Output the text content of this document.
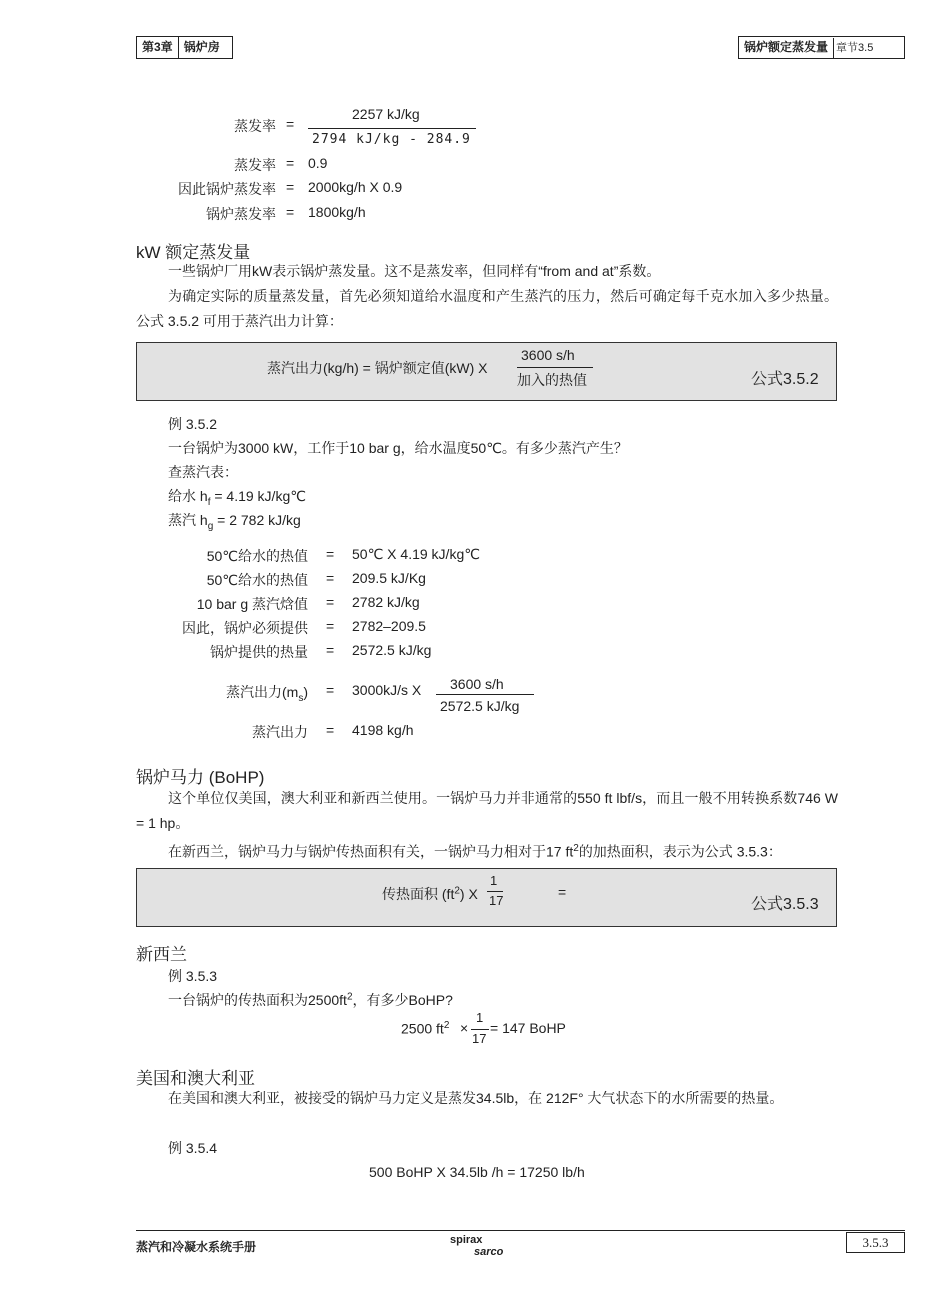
第3章 锅炉房	锅炉额定蒸发量 章节3.5
蒸发率 =
2257 kJ/kg
2794 kJ/kg - 284.9
蒸发率 = 0.9
因此锅炉蒸发率 = 2000kg/h X 0.9
锅炉蒸发率 = 1800kg/h
kW 额定蒸发量

一些锅炉厂用kW表示锅炉蒸发量。这不是蒸发率，但同样有“from and at”系数。

为确定实际的质量蒸发量，首先必须知道给水温度和产生蒸汽的压力，然后可确定每千克水加入多少热量。公式 3.5.2 可用于蒸汽出力计算：

蒸汽出力(kg/h) = 锅炉额定值(kW) X
3600 s/h
加入的热值	公式3.5.2
例 3.5.2
一台锅炉为3000 kW，工作于10 bar g，给水温度50℃。有多少蒸汽产生？
查蒸汽表：
给水 $h_f = 4.19$ kJ/kg℃
蒸汽 $h_g = 2$ 782 kJ/kg
50℃给水的热值 = 50℃ X 4.19 kJ/kg℃
50℃给水的热值 = 209.5 kJ/Kg
10 bar g 蒸汽焓值 = 2782 kJ/kg
因此，锅炉必须提供 = 2782–209.5
锅炉提供的热量 = 2572.5 kJ/kg
蒸汽出力$(m_s) = 3000kJ/s$ X 3600 s/h
2572.5 kJ/kg
蒸汽出力 = 4198 kg/h
锅炉马力 (BoHP)

这个单位仅美国，澳大利亚和新西兰使用。一锅炉马力并非通常的550 ft lbf/s，而且一般不用转换系数746 W = 1 hp。

在新西兰，锅炉马力与锅炉传热面积有关，一锅炉马力相对于17 $ft^2$的加热面积，表示为公式 3.5.3：

传热面积 $(ft^2)$ X
1
17
=
公式3.5.3
新西兰
例 3.5.3
一台锅炉的传热面积为$2500ft^2$，有多少BoHP?
2500 $ft^2$ ×
1
17
= 147 BoHP
美国和澳大利亚

在美国和澳大利亚，被接受的锅炉马力定义是蒸发34.5lb，在 212F° 大气状态下的水所需要的热量。

例 3.5.4
500 BoHP X 34.5lb /h = 17250 lb/h
蒸汽和冷凝水系统手册	spirax
sarco
3.5.3
